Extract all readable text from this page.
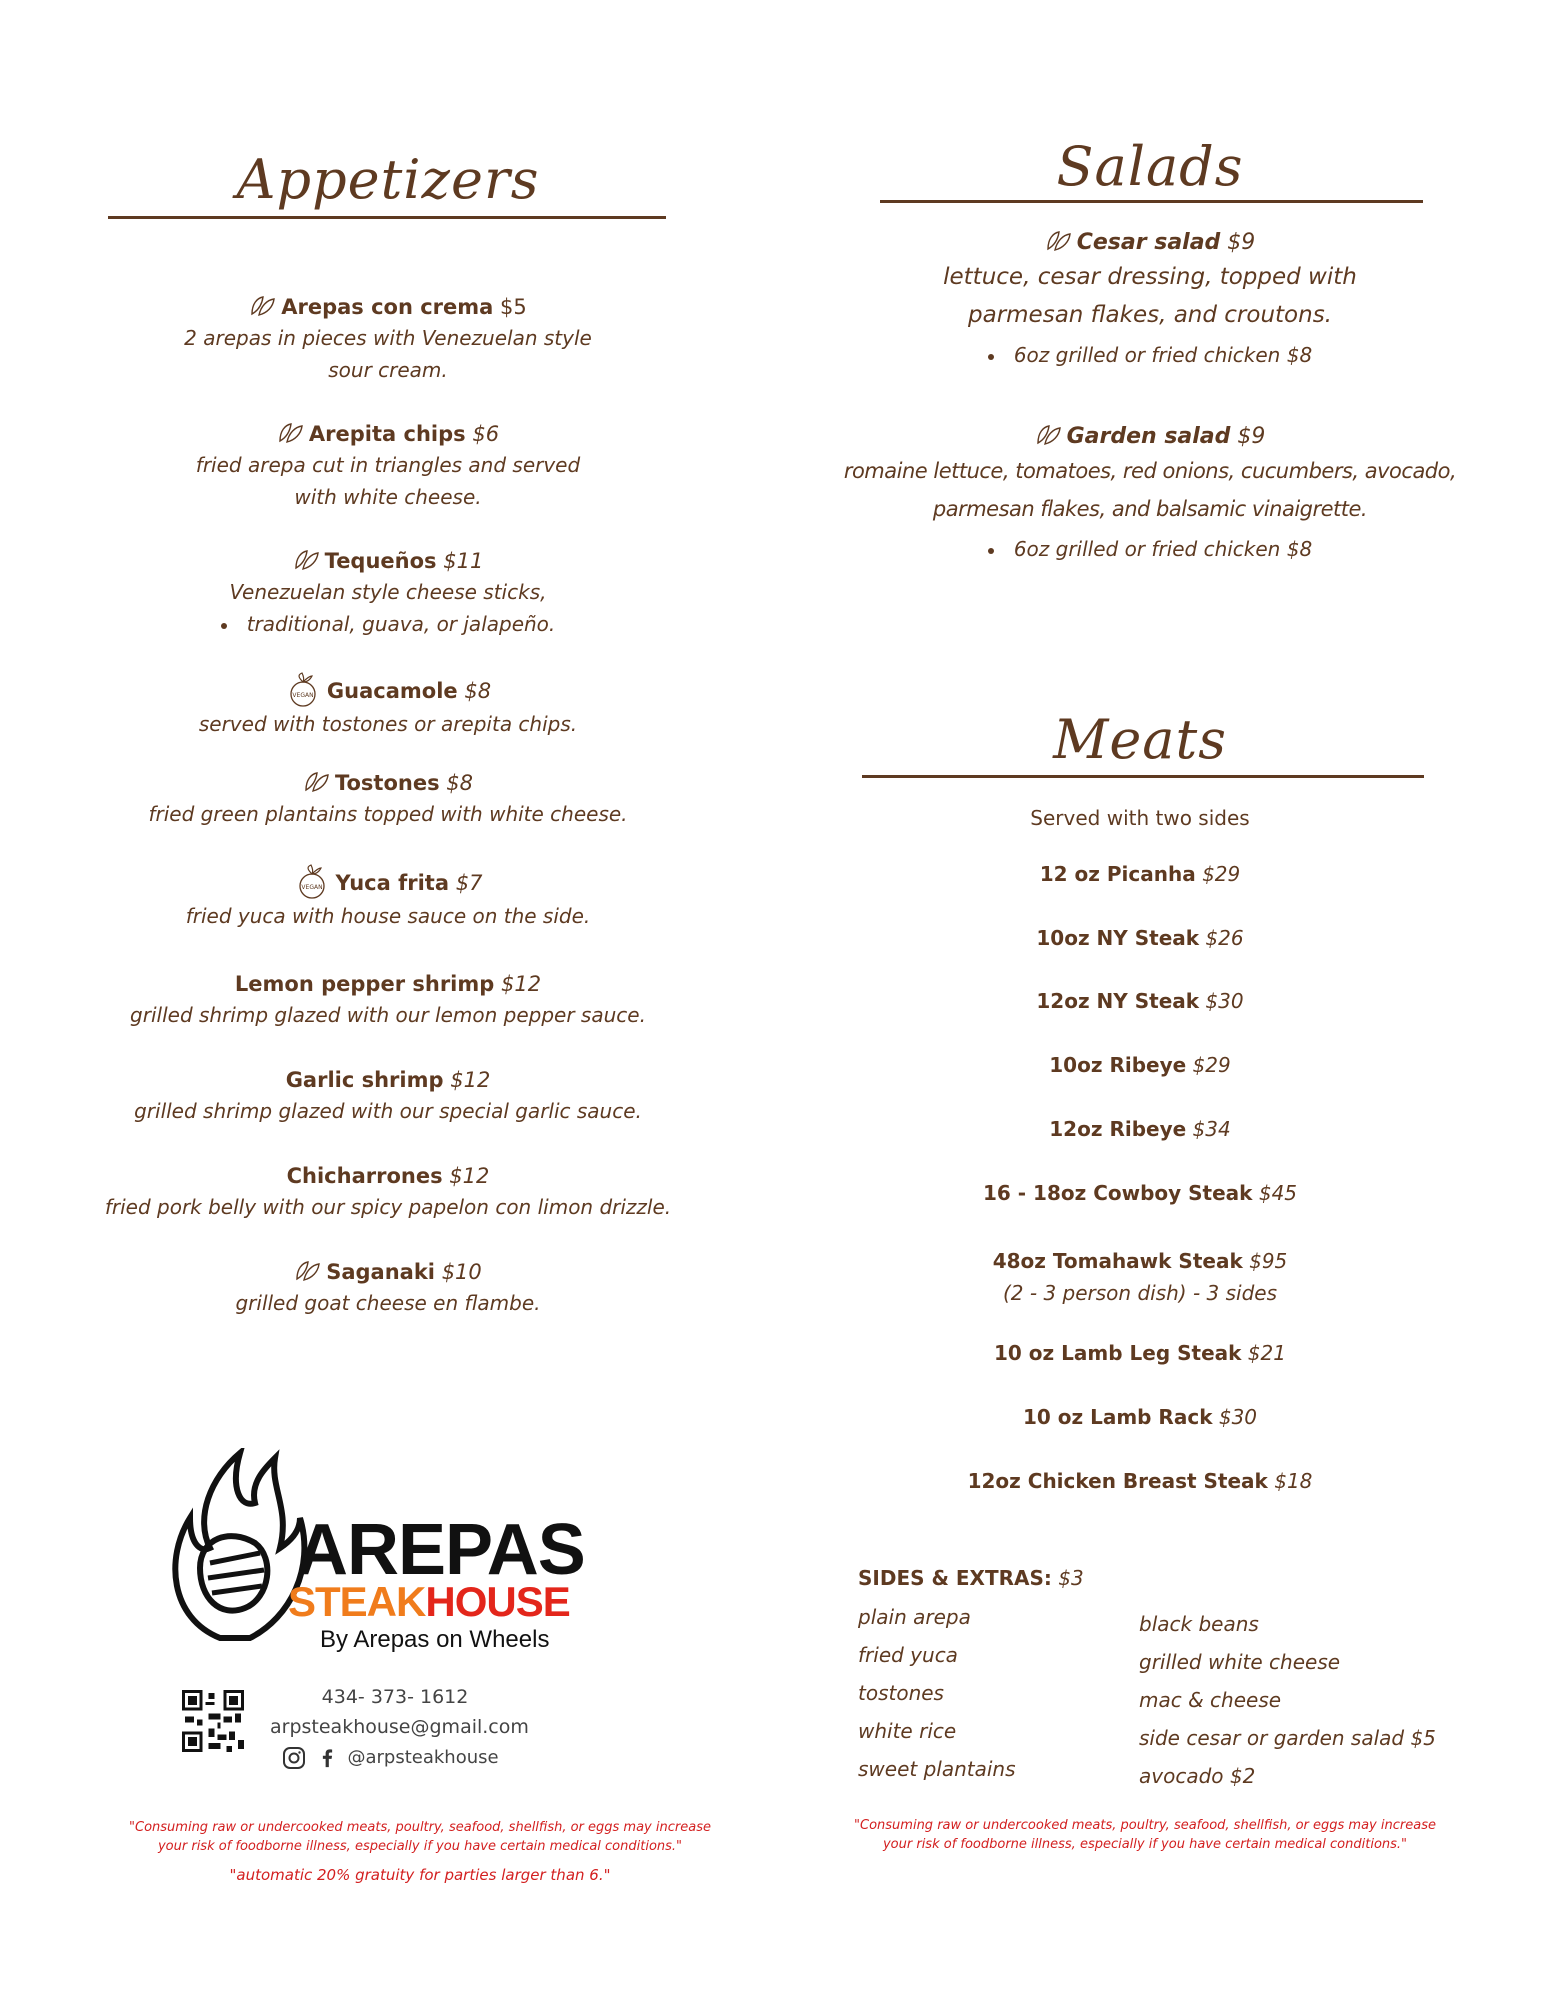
Appetizers
Arepas con crema $5
2 arepas in pieces with Venezuelan style
sour cream.
Arepita chips $6
fried arepa cut in triangles and served
with white cheese.
Tequeños $11
Venezuelan style cheese sticks,
traditional, guava, or jalapeño.
VEGAN Guacamole $8
served with tostones or arepita chips.
Tostones $8
fried green plantains topped with white cheese.
VEGAN Yuca frita $7
fried yuca with house sauce on the side.
Lemon pepper shrimp $12
grilled shrimp glazed with our lemon pepper sauce.
Garlic shrimp $12
grilled shrimp glazed with our special garlic sauce.
Chicharrones $12
fried pork belly with our spicy papelon con limon drizzle.
Saganaki $10
grilled goat cheese en flambe.
Salads
Cesar salad $9
lettuce, cesar dressing, topped with
parmesan flakes, and croutons.
6oz grilled or fried chicken $8
Garden salad $9
romaine lettuce, tomatoes, red onions, cucumbers, avocado,
parmesan flakes, and balsamic vinaigrette.
6oz grilled or fried chicken $8
Meats
Served with two sides
12 oz Picanha $29
10oz NY Steak $26
12oz NY Steak $30
10oz Ribeye $29
12oz Ribeye $34
16 - 18oz Cowboy Steak $45
48oz Tomahawk Steak $95
(2 - 3 person dish) - 3 sides
10 oz Lamb Leg Steak $21
10 oz Lamb Rack $30
12oz Chicken Breast Steak $18
SIDES & EXTRAS: $3
plain arepa
fried yuca
tostones
white rice
sweet plantains
black beans
grilled white cheese
mac & cheese
side cesar or garden salad $5
avocado $2
AREPAS
STEAKHOUSE
By Arepas on Wheels
434- 373- 1612
arpsteakhouse@gmail.com
@arpsteakhouse
"Consuming raw or undercooked meats, poultry, seafood, shellfish, or eggs may increase
your risk of foodborne illness, especially if you have certain medical conditions."
"automatic 20% gratuity for parties larger than 6."
"Consuming raw or undercooked meats, poultry, seafood, shellfish, or eggs may increase
your risk of foodborne illness, especially if you have certain medical conditions."
